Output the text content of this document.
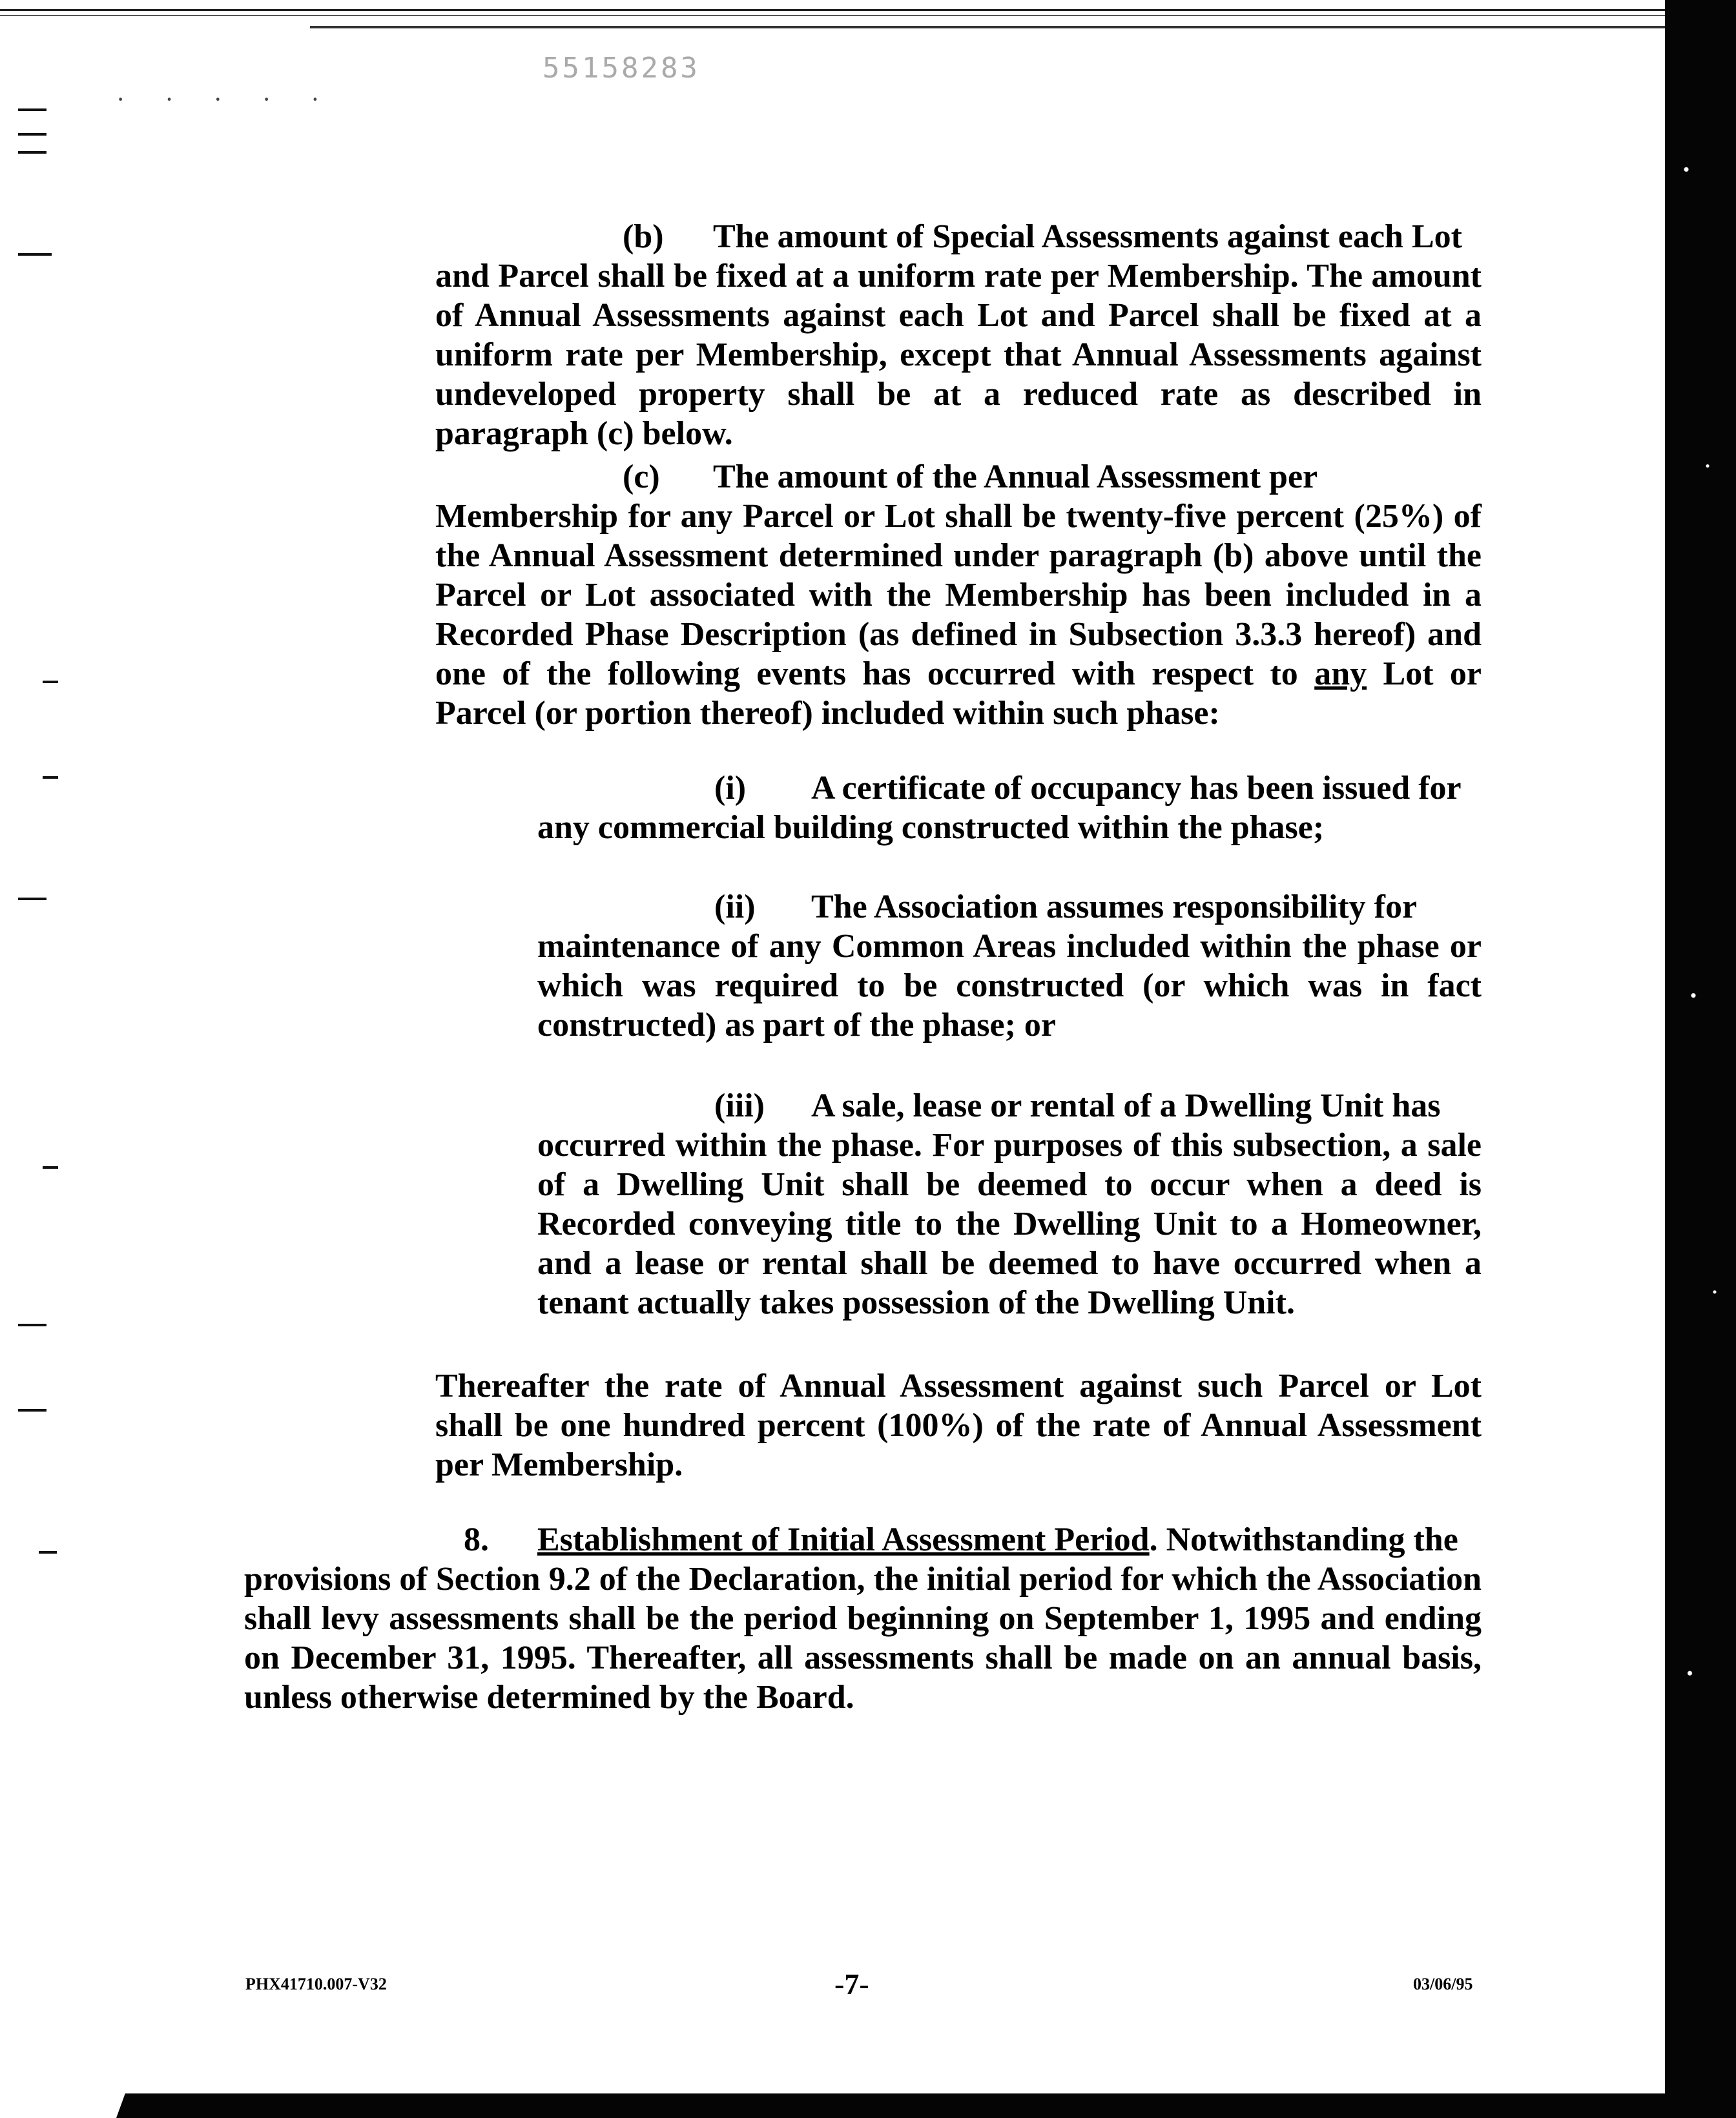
55158283
· · · · ·
(b) The amount of Special Assessments against each Lot
and Parcel shall be fixed at a uniform rate per Membership. The amount of Annual Assessments against each Lot and Parcel shall be fixed at a uniform rate per Membership, except that Annual Assessments against undeveloped property shall be at a reduced rate as described in paragraph (c) below.
(c) The amount of the Annual Assessment per
Membership for any Parcel or Lot shall be twenty-five percent (25%) of the Annual Assessment determined under paragraph (b) above until the Parcel or Lot associated with the Membership has been included in a Recorded Phase Description (as defined in Subsection 3.3.3 hereof) and one of the following events has occurred with respect to any Lot or Parcel (or portion thereof) included within such phase:
(i) A certificate of occupancy has been issued for
any commercial building constructed within the phase;
(ii) The Association assumes responsibility for
maintenance of any Common Areas included within the phase or which was required to be constructed (or which was in fact constructed) as part of the phase; or
(iii) A sale, lease or rental of a Dwelling Unit has
occurred within the phase. For purposes of this subsection, a sale of a Dwelling Unit shall be deemed to occur when a deed is Recorded conveying title to the Dwelling Unit to a Homeowner, and a lease or rental shall be deemed to have occurred when a tenant actually takes possession of the Dwelling Unit.
Thereafter the rate of Annual Assessment against such Parcel or Lot shall be one hundred percent (100%) of the rate of Annual Assessment per Membership.
8. Establishment of Initial Assessment Period. Notwithstanding the
provisions of Section 9.2 of the Declaration, the initial period for which the Association shall levy assessments shall be the period beginning on September 1, 1995 and ending on December 31, 1995. Thereafter, all assessments shall be made on an annual basis, unless otherwise determined by the Board.
PHX41710.007-V32	-7-	03/06/95
